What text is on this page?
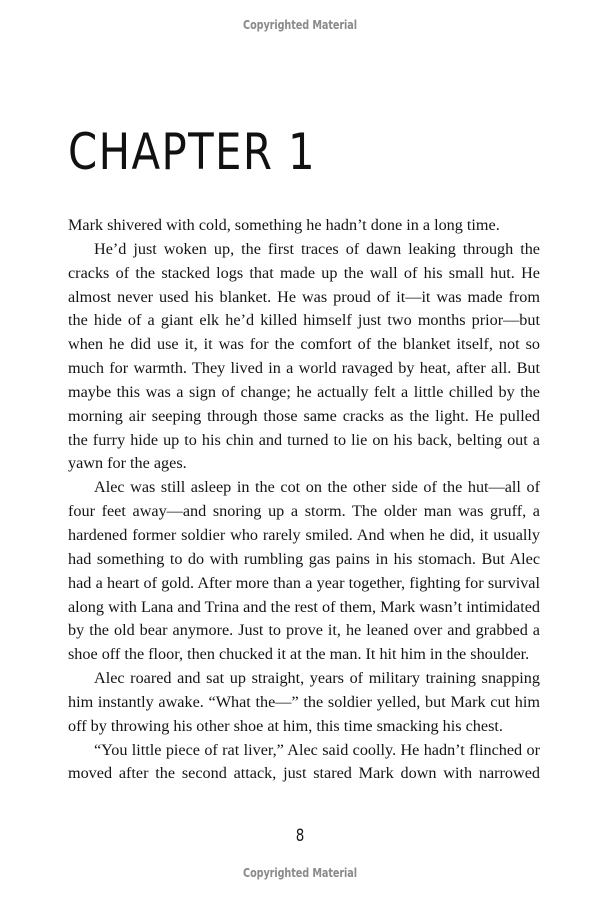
Copyrighted Material
CHAPTER 1

Mark shivered with cold, something he hadn’t done in a long time.

He’d just woken up, the first traces of dawn leaking through the cracks of the stacked logs that made up the wall of his small hut. He almost never used his blanket. He was proud of it—it was made from the hide of a giant elk he’d killed himself just two months prior—but when he did use it, it was for the comfort of the blanket itself, not so much for warmth. They lived in a world ravaged by heat, after all. But maybe this was a sign of change; he actually felt a little chilled by the morning air seeping through those same cracks as the light. He pulled the furry hide up to his chin and turned to lie on his back, belting out a yawn for the ages.

Alec was still asleep in the cot on the other side of the hut—all of four feet away—and snoring up a storm. The older man was gruff, a hardened former soldier who rarely smiled. And when he did, it usually had something to do with rumbling gas pains in his stomach. But Alec had a heart of gold. After more than a year together, fighting for survival along with Lana and Trina and the rest of them, Mark wasn’t intimidated by the old bear anymore. Just to prove it, he leaned over and grabbed a shoe off the floor, then chucked it at the man. It hit him in the shoulder.

Alec roared and sat up straight, years of military training snapping him instantly awake. “What the—” the soldier yelled, but Mark cut him off by throwing his other shoe at him, this time smacking his chest.

“You little piece of rat liver,” Alec said coolly. He hadn’t flinched or moved after the second attack, just stared Mark down with narrowed

8
Copyrighted Material
